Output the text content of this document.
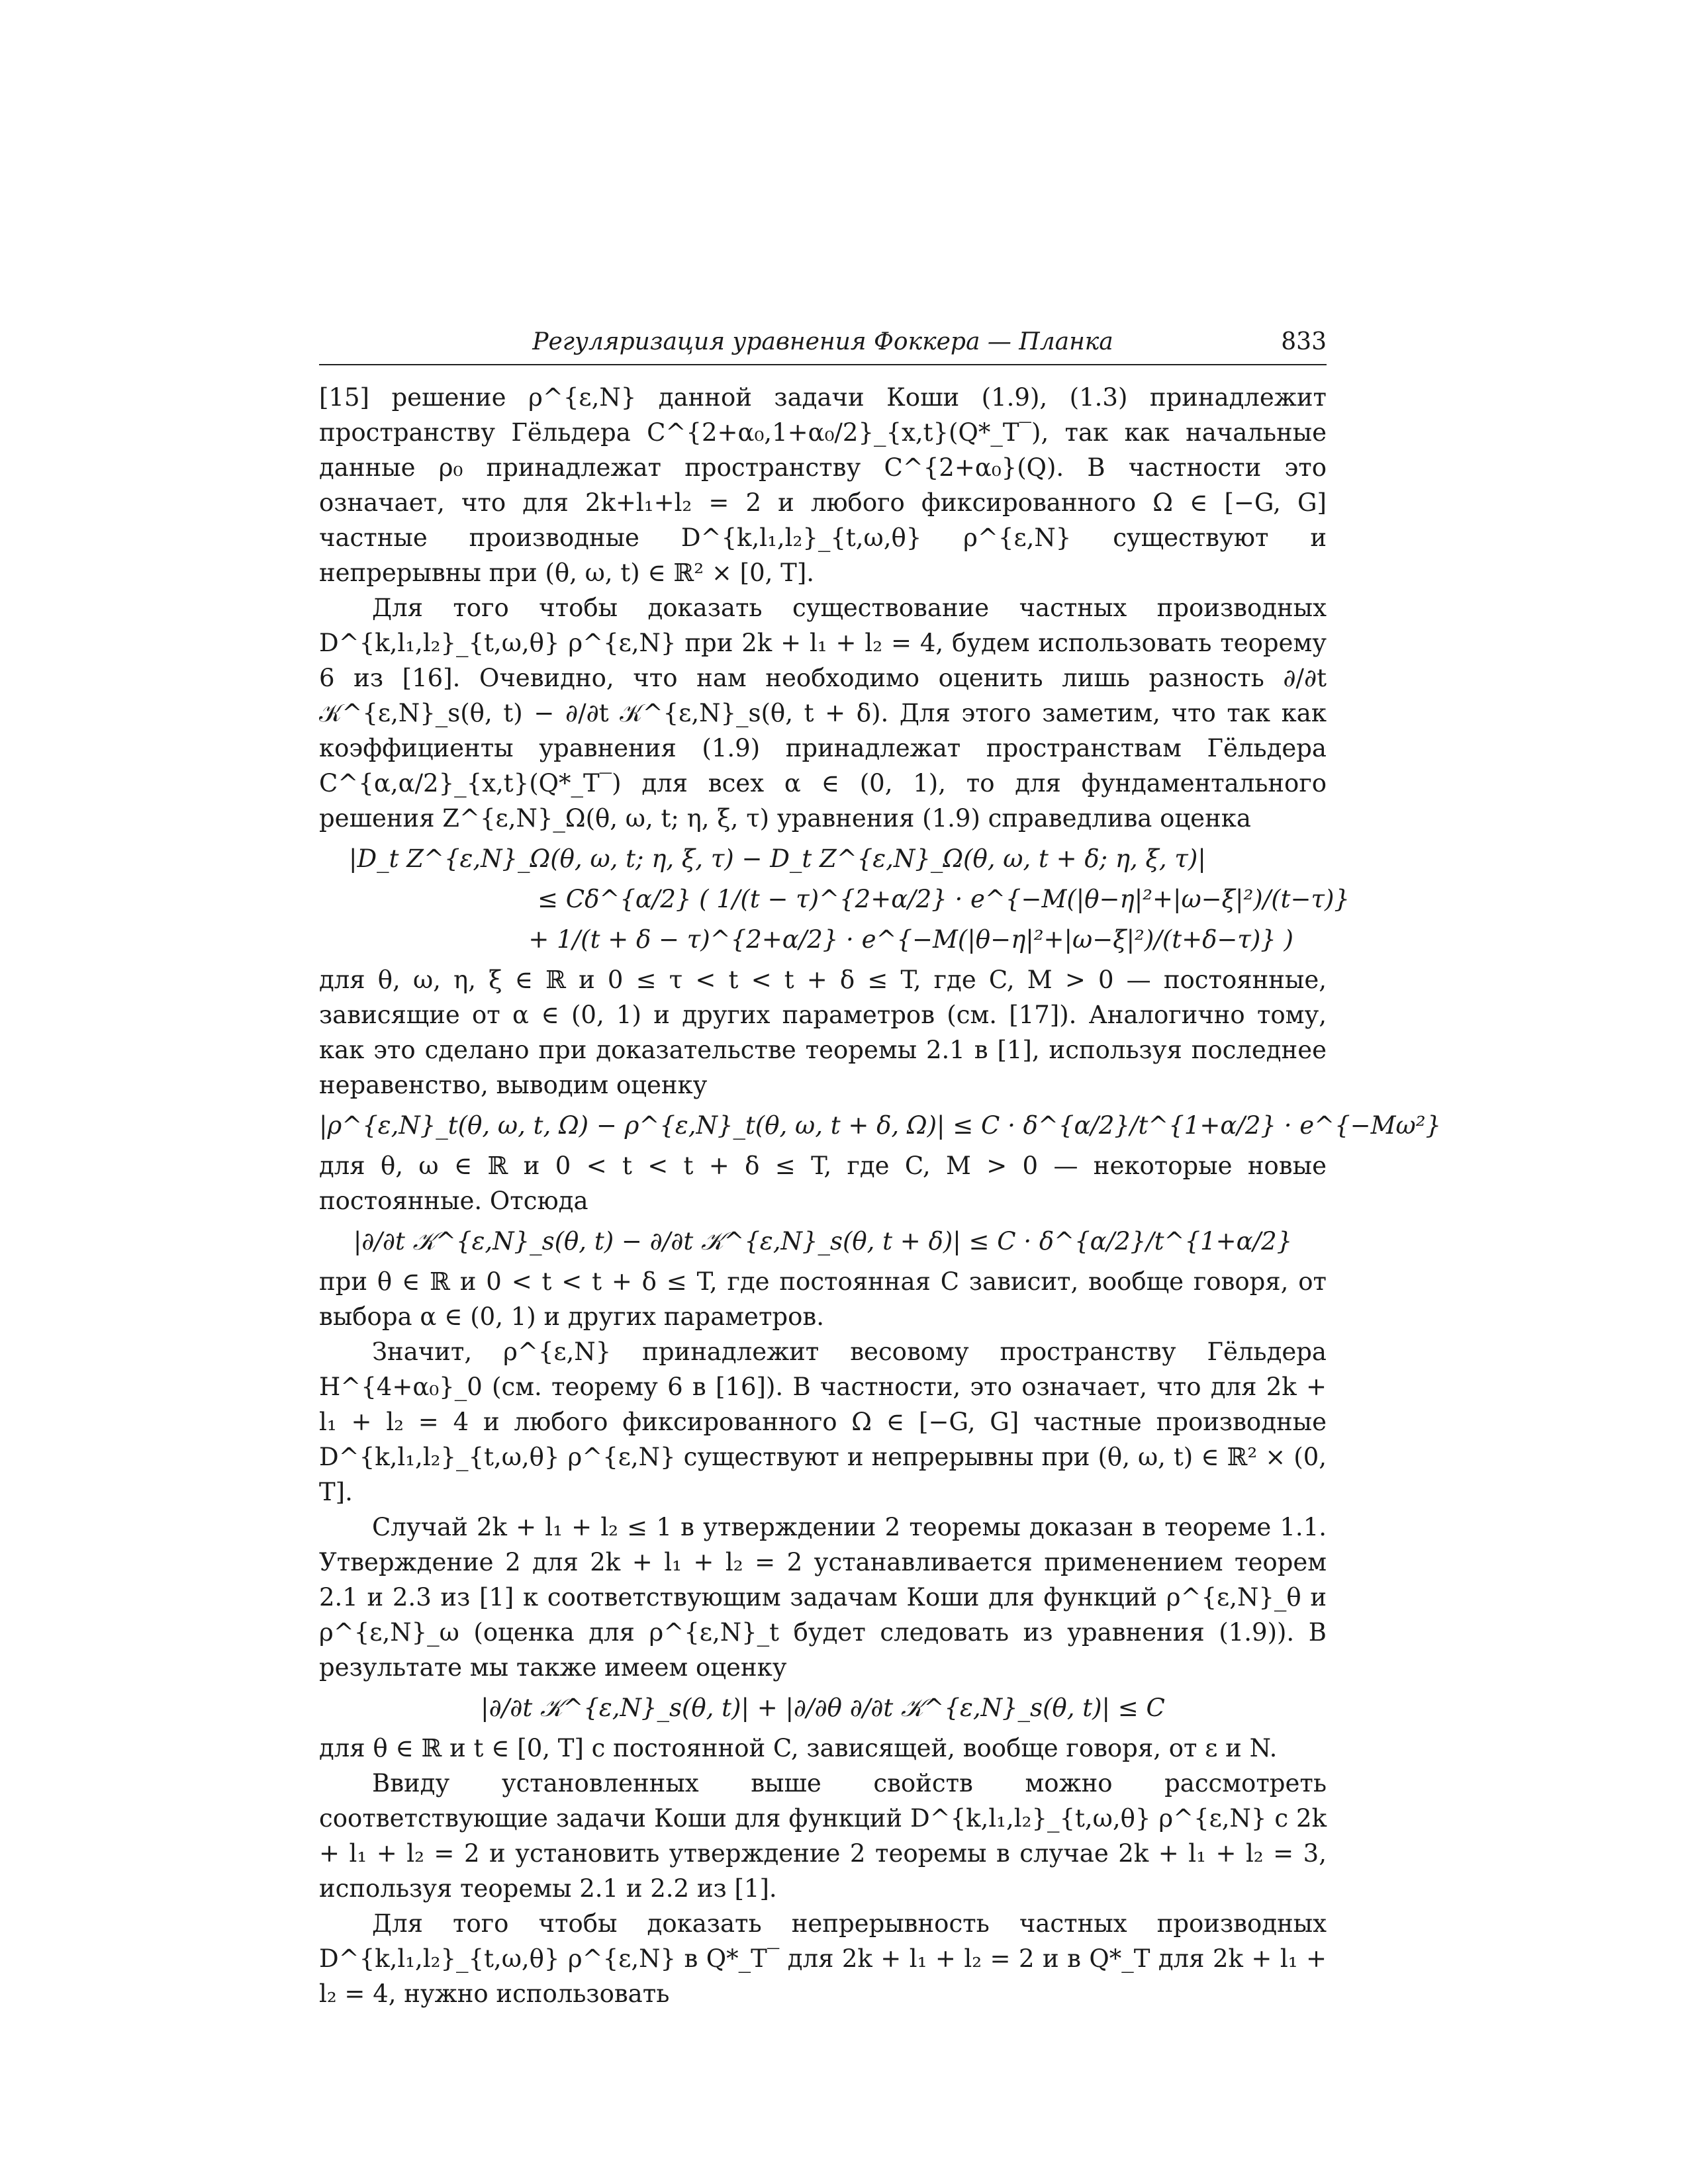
Регуляризация уравнения Фоккера — Планка	833

[15] решение ρ^{ε,N} данной задачи Коши (1.9), (1.3) принадлежит пространству Гёльдера C^{2+α₀,1+α₀/2}_{x,t}(Q*_T‾), так как начальные данные ρ₀ принадлежат пространству C^{2+α₀}(Q). В частности это означает, что для 2k+l₁+l₂ = 2 и любого фиксированного Ω ∈ [−G, G] частные производные D^{k,l₁,l₂}_{t,ω,θ} ρ^{ε,N} существуют и непрерывны при (θ, ω, t) ∈ ℝ² × [0, T].

Для того чтобы доказать существование частных производных D^{k,l₁,l₂}_{t,ω,θ} ρ^{ε,N} при 2k + l₁ + l₂ = 4, будем использовать теорему 6 из [16]. Очевидно, что нам необходимо оценить лишь разность ∂/∂t 𝒦^{ε,N}_s(θ, t) − ∂/∂t 𝒦^{ε,N}_s(θ, t + δ). Для этого заметим, что так как коэффициенты уравнения (1.9) принадлежат пространствам Гёльдера C^{α,α/2}_{x,t}(Q*_T‾) для всех α ∈ (0, 1), то для фундаментального решения Z^{ε,N}_Ω(θ, ω, t; η, ξ, τ) уравнения (1.9) справедлива оценка

|D_t Z^{ε,N}_Ω(θ, ω, t; η, ξ, τ) − D_t Z^{ε,N}_Ω(θ, ω, t + δ; η, ξ, τ)|
≤ Cδ^{α/2} ( 1/(t − τ)^{2+α/2} · e^{−M(|θ−η|²+|ω−ξ|²)/(t−τ)}
+ 1/(t + δ − τ)^{2+α/2} · e^{−M(|θ−η|²+|ω−ξ|²)/(t+δ−τ)} )

для θ, ω, η, ξ ∈ ℝ и 0 ≤ τ < t < t + δ ≤ T, где C, M > 0 — постоянные, зависящие от α ∈ (0, 1) и других параметров (см. [17]). Аналогично тому, как это сделано при доказательстве теоремы 2.1 в [1], используя последнее неравенство, выводим оценку

|ρ^{ε,N}_t(θ, ω, t, Ω) − ρ^{ε,N}_t(θ, ω, t + δ, Ω)| ≤ C · δ^{α/2}/t^{1+α/2} · e^{−Mω²}

для θ, ω ∈ ℝ и 0 < t < t + δ ≤ T, где C, M > 0 — некоторые новые постоянные. Отсюда

|∂/∂t 𝒦^{ε,N}_s(θ, t) − ∂/∂t 𝒦^{ε,N}_s(θ, t + δ)| ≤ C · δ^{α/2}/t^{1+α/2}

при θ ∈ ℝ и 0 < t < t + δ ≤ T, где постоянная C зависит, вообще говоря, от выбора α ∈ (0, 1) и других параметров.

Значит, ρ^{ε,N} принадлежит весовому пространству Гёльдера H^{4+α₀}_0 (см. теорему 6 в [16]). В частности, это означает, что для 2k + l₁ + l₂ = 4 и любого фиксированного Ω ∈ [−G, G] частные производные D^{k,l₁,l₂}_{t,ω,θ} ρ^{ε,N} существуют и непрерывны при (θ, ω, t) ∈ ℝ² × (0, T].

Случай 2k + l₁ + l₂ ≤ 1 в утверждении 2 теоремы доказан в теореме 1.1. Утверждение 2 для 2k + l₁ + l₂ = 2 устанавливается применением теорем 2.1 и 2.3 из [1] к соответствующим задачам Коши для функций ρ^{ε,N}_θ и ρ^{ε,N}_ω (оценка для ρ^{ε,N}_t будет следовать из уравнения (1.9)). В результате мы также имеем оценку

|∂/∂t 𝒦^{ε,N}_s(θ, t)| + |∂/∂θ ∂/∂t 𝒦^{ε,N}_s(θ, t)| ≤ C

для θ ∈ ℝ и t ∈ [0, T] с постоянной C, зависящей, вообще говоря, от ε и N.

Ввиду установленных выше свойств можно рассмотреть соответствующие задачи Коши для функций D^{k,l₁,l₂}_{t,ω,θ} ρ^{ε,N} с 2k + l₁ + l₂ = 2 и установить утверждение 2 теоремы в случае 2k + l₁ + l₂ = 3, используя теоремы 2.1 и 2.2 из [1].

Для того чтобы доказать непрерывность частных производных D^{k,l₁,l₂}_{t,ω,θ} ρ^{ε,N} в Q*_T‾ для 2k + l₁ + l₂ = 2 и в Q*_T для 2k + l₁ + l₂ = 4, нужно использовать
